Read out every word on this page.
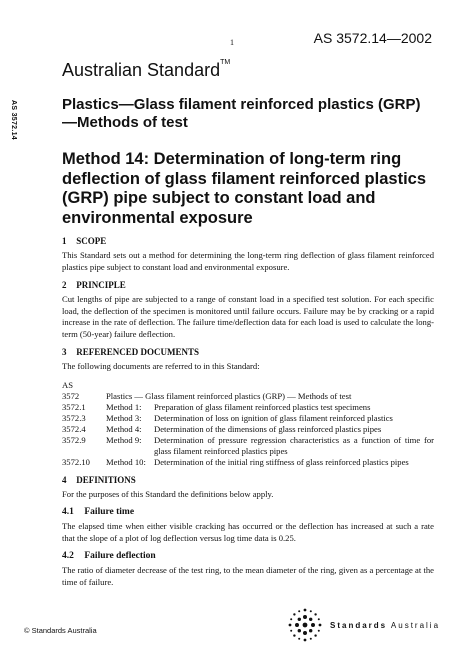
1	AS 3572.14—2002
AS 3572.14
Australian Standard™
Plastics—Glass filament reinforced plastics (GRP)—Methods of test
Method 14: Determination of long-term ring deflection of glass filament reinforced plastics (GRP) pipe subject to constant load and environmental exposure
1 SCOPE

This Standard sets out a method for determining the long-term ring deflection of glass filament reinforced plastics pipe subject to constant load and environmental exposure.

2 PRINCIPLE

Cut lengths of pipe are subjected to a range of constant load in a specified test solution. For each specific load, the deflection of the specimen is monitored until failure occurs. Failure may be by cracking or a rapid increase in the rate of deflection. The failure time/deflection data for each load is used to calculate the long-term (50-year) failure deflection.

3 REFERENCED DOCUMENTS

The following documents are referred to in this Standard:

AS
3572	Plastics — Glass filament reinforced plastics (GRP) — Methods of test
3572.1	Method 1:	Preparation of glass filament reinforced plastics test specimens
3572.3	Method 3:	Determination of loss on ignition of glass filament reinforced plastics
3572.4	Method 4:	Determination of the dimensions of glass reinforced plastics pipes
3572.9	Method 9:	Determination of pressure regression characteristics as a function of time for glass filament reinforced plastics pipes
3572.10	Method 10: Determination of the initial ring stiffness of glass reinforced plastics pipes
4 DEFINITIONS

For the purposes of this Standard the definitions below apply.

4.1 Failure time

The elapsed time when either visible cracking has occurred or the deflection has increased at such a rate that the slope of a plot of log deflection versus log time data is 0.25.

4.2 Failure deflection

The ratio of diameter decrease of the test ring, to the mean diameter of the ring, given as a percentage at the time of failure.

© Standards Australia
Standards Australia
